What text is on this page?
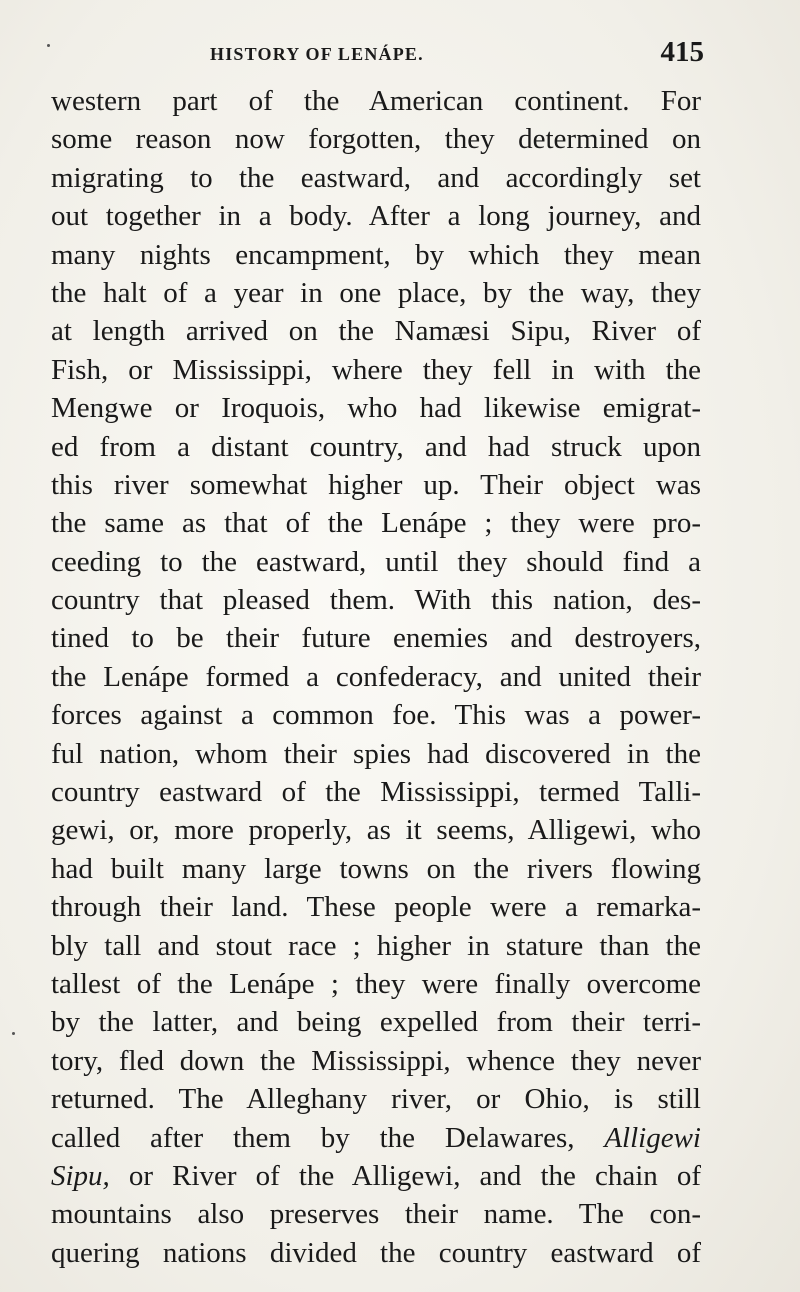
HISTORY OF LENÁPE.	415
western part of the American continent. For
some reason now forgotten, they determined on
migrating to the eastward, and accordingly set
out together in a body. After a long journey, and
many nights encampment, by which they mean
the halt of a year in one place, by the way, they
at length arrived on the Namæsi Sipu, River of
Fish, or Mississippi, where they fell in with the
Mengwe or Iroquois, who had likewise emigrat-
ed from a distant country, and had struck upon
this river somewhat higher up. Their object was
the same as that of the Lenápe ; they were pro-
ceeding to the eastward, until they should find a
country that pleased them. With this nation, des-
tined to be their future enemies and destroyers,
the Lenápe formed a confederacy, and united their
forces against a common foe. This was a power-
ful nation, whom their spies had discovered in the
country eastward of the Mississippi, termed Talli-
gewi, or, more properly, as it seems, Alligewi, who
had built many large towns on the rivers flowing
through their land. These people were a remarka-
bly tall and stout race ; higher in stature than the
tallest of the Lenápe ; they were finally overcome
by the latter, and being expelled from their terri-
tory, fled down the Mississippi, whence they never
returned. The Alleghany river, or Ohio, is still
called after them by the Delawares, Alligewi
Sipu, or River of the Alligewi, and the chain of
mountains also preserves their name. The con-
quering nations divided the country eastward of
